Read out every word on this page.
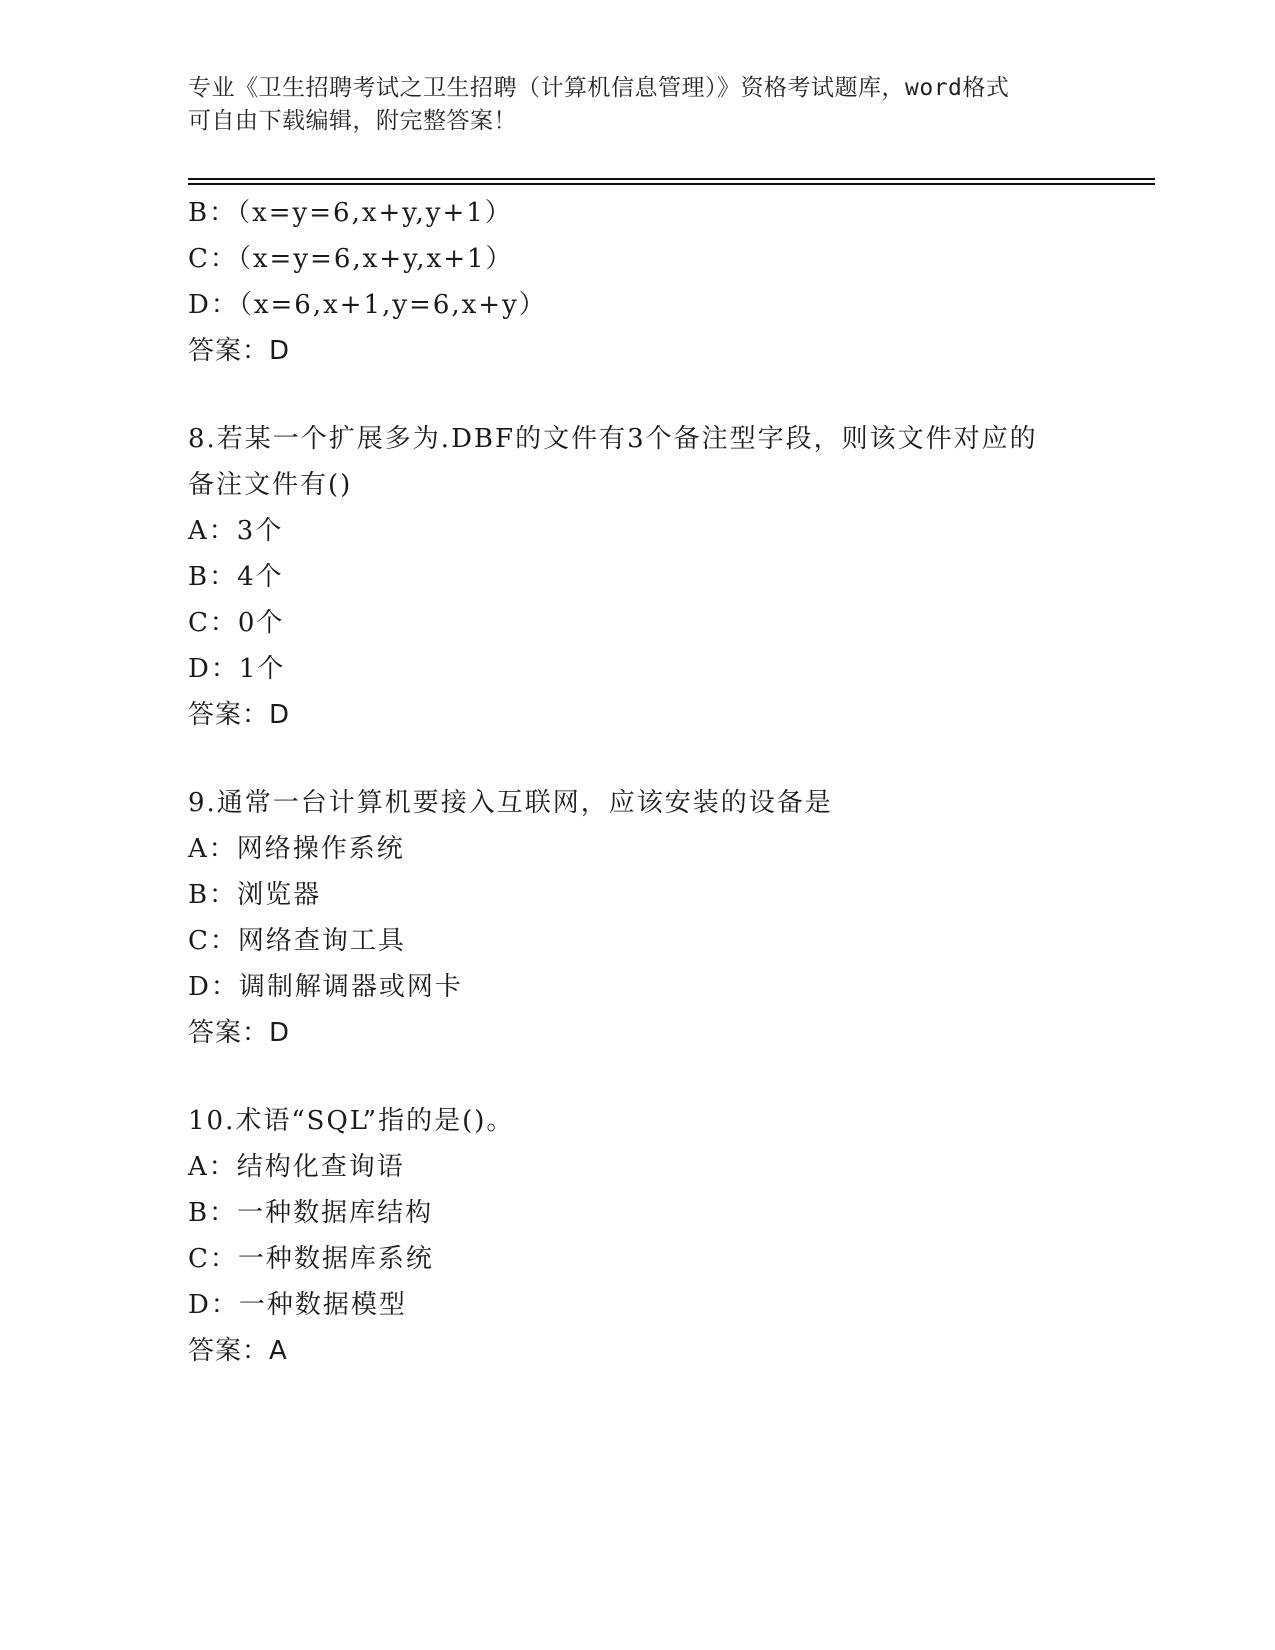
专业《卫生招聘考试之卫生招聘（计算机信息管理）》资格考试题库，word格式
可自由下载编辑，附完整答案！
B：（x=y=6,x+y,y+1）
C：（x=y=6,x+y,x+1）
D：（x=6,x+1,y=6,x+y）
答案：D
8.若某一个扩展多为.DBF的文件有3个备注型字段，则该文件对应的
备注文件有()
A：3个
B：4个
C：0个
D：1个
答案：D
9.通常一台计算机要接入互联网，应该安装的设备是
A：网络操作系统
B：浏览器
C：网络查询工具
D：调制解调器或网卡
答案：D
10.术语“SQL”指的是()。
A：结构化查询语
B：一种数据库结构
C：一种数据库系统
D：一种数据模型
答案：A
